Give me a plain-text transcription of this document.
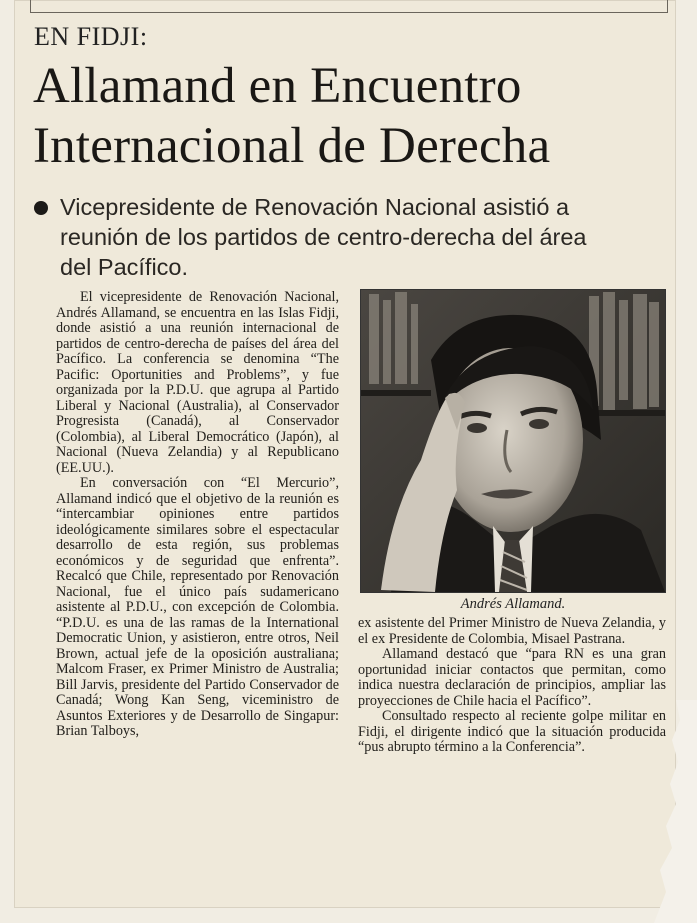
EN FIDJI:
Allamand en Encuentro
Internacional de Derecha
Vicepresidente de Renovación Nacional asistió a
reunión de los partidos de centro-derecha del área
del Pacífico.

El vicepresidente de Renovación Nacional, Andrés Allamand, se encuentra en las Islas Fidji, donde asistió a una reunión internacional de partidos de centro-derecha de países del área del Pacífico. La conferencia se denomina “The Pacific: Oportunities and Problems”, y fue organizada por la P.D.U. que agrupa al Partido Liberal y Nacional (Australia), al Conservador Progresista (Canadá), al Conservador (Colombia), al Liberal Democrático (Japón), al Nacional (Nueva Zelandia) y al Republicano (EE.UU.).

En conversación con “El Mercurio”, Allamand indicó que el objetivo de la reunión es “intercambiar opiniones entre partidos ideológicamente similares sobre el espectacular desarrollo de esta región, sus problemas económicos y de seguridad que enfrenta”. Recalcó que Chile, representado por Renovación Nacional, fue el único país sudamericano asistente al P.D.U., con excepción de Colombia. “P.D.U. es una de las ramas de la International Democratic Union, y asistieron, entre otros, Neil Brown, actual jefe de la oposición australiana; Malcom Fraser, ex Primer Ministro de Australia; Bill Jarvis, presidente del Partido Conservador de Canadá; Wong Kan Seng, viceministro de Asuntos Exteriores y de Desarrollo de Singapur: Brian Talboys,

Andrés Allamand.

ex asistente del Primer Ministro de Nueva Zelandia, y el ex Presidente de Colombia, Misael Pastrana.

Allamand destacó que “para RN es una gran oportunidad iniciar contactos que permitan, como indica nuestra declaración de principios, ampliar las proyecciones de Chile hacia el Pacífico”.

Consultado respecto al reciente golpe militar en Fidji, el dirigente indicó que la situación producida “pus abrupto término a la Conferencia”.
